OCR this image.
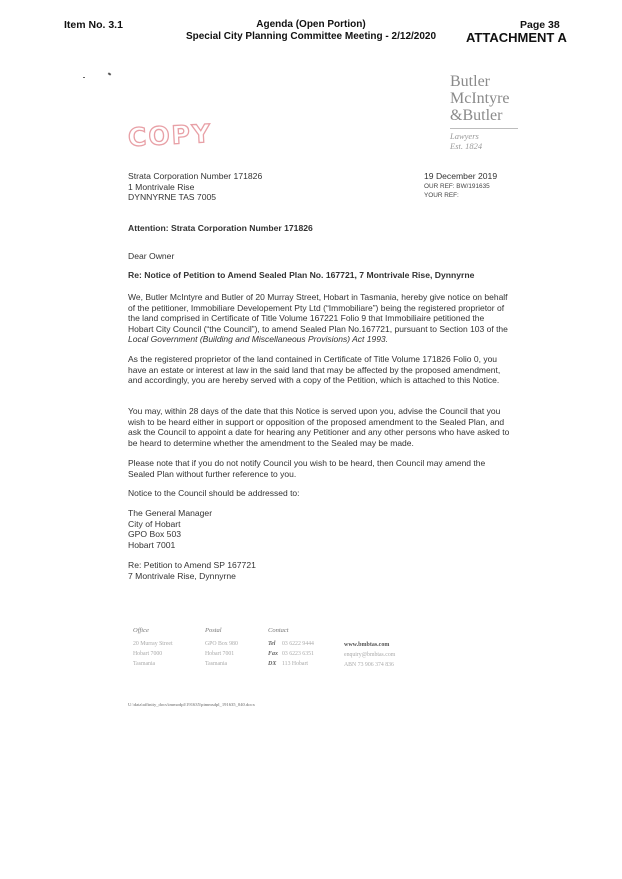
Item No. 3.1	Agenda (Open Portion)
Special City Planning Committee Meeting - 2/12/2020
Page 38
ATTACHMENT A
Butler
McIntyre
&Butler
Lawyers
Est. 1824
COPY
Strata Corporation Number 171826
1 Montrivale Rise
DYNNYRNE TAS 7005
19 December 2019
OUR REF: BW/191635
YOUR REF:
Attention: Strata Corporation Number 171826
Dear Owner
Re: Notice of Petition to Amend Sealed Plan No. 167721, 7 Montrivale Rise, Dynnyrne
We, Butler McIntyre and Butler of 20 Murray Street, Hobart in Tasmania, hereby give notice on behalf of the petitioner, Immobiliare Developement Pty Ltd (“Immobiliare”) being the registered proprietor of the land comprised in Certificate of Title Volume 167221 Folio 9 that Immobiliaire petitioned the Hobart City Council (“the Council”), to amend Sealed Plan No.167721, pursuant to Section 103 of the Local Government (Building and Miscellaneous Provisions) Act 1993.
As the registered proprietor of the land contained in Certificate of Title Volume 171826 Folio 0, you have an estate or interest at law in the said land that may be affected by the proposed amendment, and accordingly, you are hereby served with a copy of the Petition, which is attached to this Notice.
You may, within 28 days of the date that this Notice is served upon you, advise the Council that you wish to be heard either in support or opposition of the proposed amendment to the Sealed Plan, and ask the Council to appoint a date for hearing any Petitioner and any other persons who have asked to be heard to determine whether the amendment to the Sealed may be made.
Please note that if you do not notify Council you wish to be heard, then Council may amend the Sealed Plan without further reference to you.
Notice to the Council should be addressed to:
The General Manager
City of Hobart
GPO Box 503
Hobart 7001
Re: Petition to Amend SP 167721
7 Montrivale Rise, Dynnyrne
Office
20 Murray Street
Hobart 7000
Tasmania
Postal
GPO Box 980
Hobart 7001
Tasmania
Contact
Tel 03 6222 9444
Fax 03 6223 6351
DX 113 Hobart
www.bmbtas.com
enquiry@bmbtas.com
ABN 73 906 374 836
U:\data\affinity_docs\immodpl\191635\pimmsdpl_191635_040.docx
